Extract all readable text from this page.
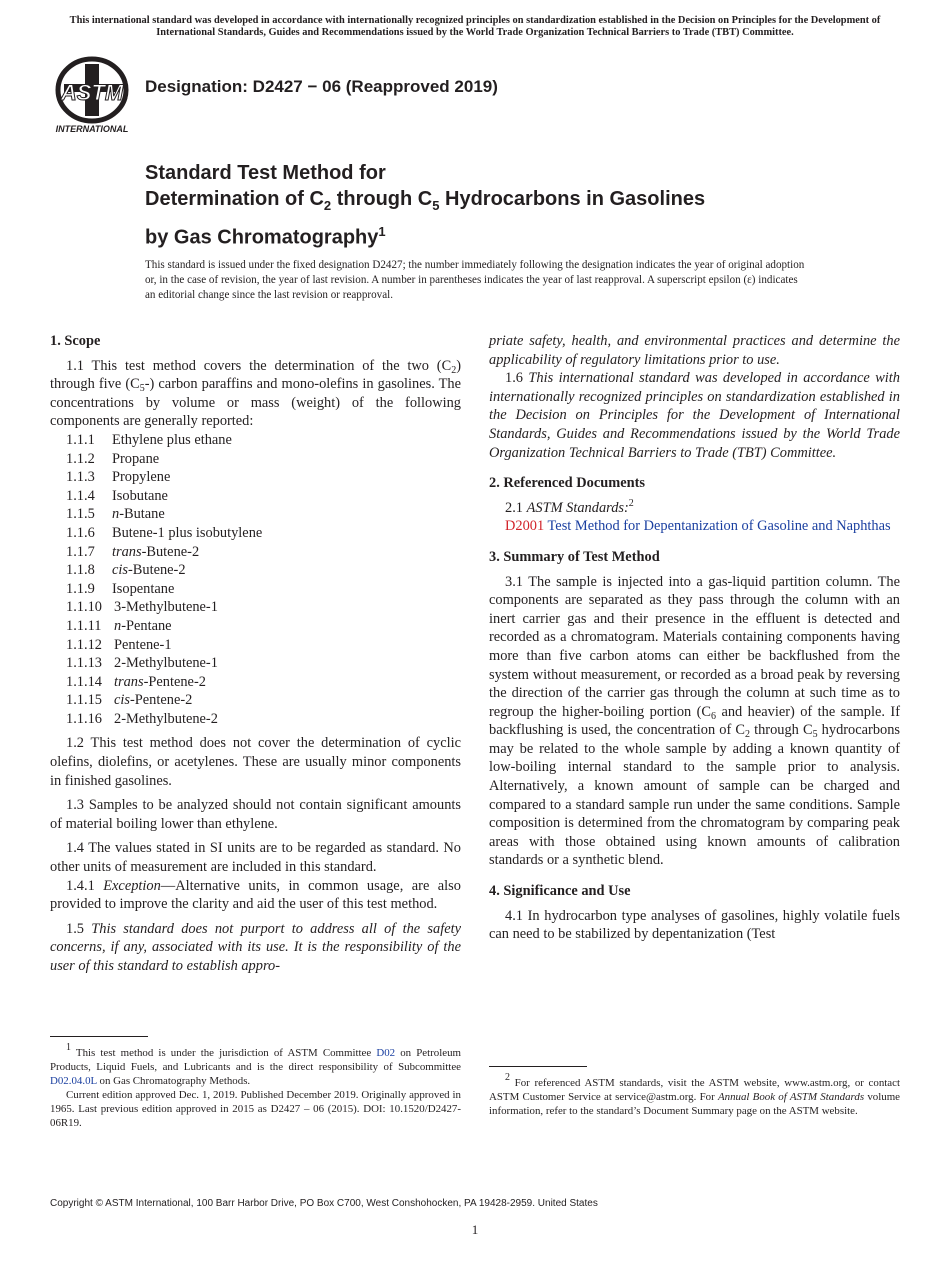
This international standard was developed in accordance with internationally recognized principles on standardization established in the Decision on Principles for the Development of International Standards, Guides and Recommendations issued by the World Trade Organization Technical Barriers to Trade (TBT) Committee.
ASTM
INTERNATIONAL
Designation: D2427 − 06 (Reapproved 2019)
Standard Test Method for
Determination of $C_2$ through $C_5$ Hydrocarbons in Gasolines
by Gas Chromatography$^1$
This standard is issued under the fixed designation D2427; the number immediately following the designation indicates the year of original adoption or, in the case of revision, the year of last revision. A number in parentheses indicates the year of last reapproval. A superscript epsilon (ε) indicates an editorial change since the last revision or reapproval.
1. Scope

1.1 This test method covers the determination of the two $(C_2)$ through five $(C_5-)$ carbon paraffins and mono-olefins in gasolines. The concentrations by volume or mass (weight) of the following components are generally reported:

1.1.1 Ethylene plus ethane
1.1.2 Propane
1.1.3 Propylene
1.1.4 Isobutane
1.1.5 n-Butane
1.1.6 Butene-1 plus isobutylene
1.1.7 trans-Butene-2
1.1.8 cis-Butene-2
1.1.9 Isopentane
1.1.10 3-Methylbutene-1
1.1.11 n-Pentane
1.1.12 Pentene-1
1.1.13 2-Methylbutene-1
1.1.14 trans-Pentene-2
1.1.15 cis-Pentene-2
1.1.16 2-Methylbutene-2

1.2 This test method does not cover the determination of cyclic olefins, diolefins, or acetylenes. These are usually minor components in finished gasolines.

1.3 Samples to be analyzed should not contain significant amounts of material boiling lower than ethylene.

1.4 The values stated in SI units are to be regarded as standard. No other units of measurement are included in this standard.

1.4.1 Exception—Alternative units, in common usage, are also provided to improve the clarity and aid the user of this test method.

1.5 This standard does not purport to address all of the safety concerns, if any, associated with its use. It is the responsibility of the user of this standard to establish appro-

1 This test method is under the jurisdiction of ASTM Committee D02 on Petroleum Products, Liquid Fuels, and Lubricants and is the direct responsibility of Subcommittee D02.04.0L on Gas Chromatography Methods.

Current edition approved Dec. 1, 2019. Published December 2019. Originally approved in 1965. Last previous edition approved in 2015 as D2427 – 06 (2015). DOI: 10.1520/D2427-06R19.

priate safety, health, and environmental practices and determine the applicability of regulatory limitations prior to use.

1.6 This international standard was developed in accordance with internationally recognized principles on standardization established in the Decision on Principles for the Development of International Standards, Guides and Recommendations issued by the World Trade Organization Technical Barriers to Trade (TBT) Committee.

2. Referenced Documents

2.1 ASTM Standards:$^2$

D2001 Test Method for Depentanization of Gasoline and Naphthas

3. Summary of Test Method

3.1 The sample is injected into a gas-liquid partition column. The components are separated as they pass through the column with an inert carrier gas and their presence in the effluent is detected and recorded as a chromatogram. Materials containing components having more than five carbon atoms can either be backflushed from the system without measurement, or recorded as a broad peak by reversing the direction of the carrier gas through the column at such time as to regroup the higher-boiling portion ($C_6$ and heavier) of the sample. If backflushing is used, the concentration of $C_2$ through $C_5$ hydrocarbons may be related to the whole sample by adding a known quantity of low-boiling internal standard to the sample prior to analysis. Alternatively, a known amount of sample can be charged and compared to a standard sample run under the same conditions. Sample composition is determined from the chromatogram by comparing peak areas with those obtained using known amounts of calibration standards or a synthetic blend.

4. Significance and Use

4.1 In hydrocarbon type analyses of gasolines, highly volatile fuels can need to be stabilized by depentanization (Test

2 For referenced ASTM standards, visit the ASTM website, www.astm.org, or contact ASTM Customer Service at service@astm.org. For Annual Book of ASTM Standards volume information, refer to the standard’s Document Summary page on the ASTM website.

Copyright © ASTM International, 100 Barr Harbor Drive, PO Box C700, West Conshohocken, PA 19428-2959. United States
1
